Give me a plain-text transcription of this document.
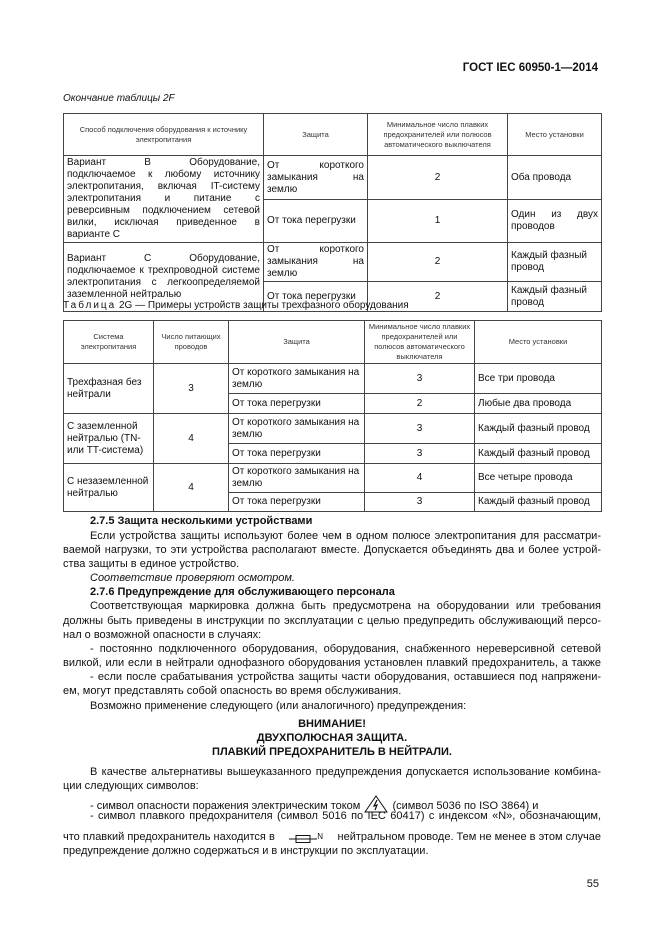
ГОСТ IEC 60950-1—2014
Окончание таблицы 2F
Способ подключения оборудования к источнику электропитания	Защита	Минимальное число плавких предохранителей или полюсов автоматического выключателя	Место установки
Вариант В Оборудование, подключаемое к любому источнику электропитания, включая IT-систему электропитания и питание с реверсивным подключением сетевой вилки, исключая приведенное в варианте С	От короткого замыкания на землю	2	Оба провода
	От тока перегрузки	1	Один из двух проводов
Вариант С Оборудование, подключаемое к трехпроводной системе электропитания с легкоопределяемой заземленной нейтралью	От короткого замыкания на землю	2	Каждый фазный провод
	От тока перегрузки	2	Каждый фазный провод
Таблица 2G — Примеры устройств защиты трехфазного оборудования
Система электропитания	Число питающих проводов	Защита	Минимальное число плавких предохранителей или полюсов автоматического выключателя	Место установки
Трехфазная без нейтрали	3	От короткого замыкания на землю	3	Все три провода
		От тока перегрузки	2	Любые два провода
С заземленной нейтралью (TN- или TT-система)	4	От короткого замыкания на землю	3	Каждый фазный провод
		От тока перегрузки	3	Каждый фазный провод
С незаземленной нейтралью	4	От короткого замыкания на землю	4	Все четыре провода
		От тока перегрузки	3	Каждый фазный провод
2.7.5 Защита несколькими устройствами
Если устройства защиты используют более чем в одном полюсе электропитания для рассматри-
ваемой нагрузки, то эти устройства располагают вместе. Допускается объединять два и более устрой-
ства защиты в единое устройство.
Соответствие проверяют осмотром.
2.7.6 Предупреждение для обслуживающего персонала
Соответствующая маркировка должна быть предусмотрена на оборудовании или требования
должны быть приведены в инструкции по эксплуатации с целью предупредить обслуживающий персо-
нал о возможной опасности в случаях:
- постоянно подключенного оборудования, оборудования, снабженного нереверсивной сетевой
вилкой, или если в нейтрали однофазного оборудования установлен плавкий предохранитель, а также
- если после срабатывания устройства защиты части оборудования, оставшиеся под напряжени-
ем, могут представлять собой опасность во время обслуживания.
Возможно применение следующего (или аналогичного) предупреждения:
ВНИМАНИЕ!
ДВУХПОЛЮСНАЯ ЗАЩИТА.
ПЛАВКИЙ ПРЕДОХРАНИТЕЛЬ В НЕЙТРАЛИ.
В качестве альтернативы вышеуказанного предупреждения допускается использование комбина-
ции следующих символов:
- символ опасности поражения электрическим током	(символ 5036 по ISO 3864) и
- символ плавкого предохранителя (символ 5016 по IEC 60417) с индексом «N», обозначающим,
что плавкий предохранитель находится в	$^N$ нейтральном проводе. Тем не менее в этом случае
предупреждение должно содержаться и в инструкции по эксплуатации.
55
